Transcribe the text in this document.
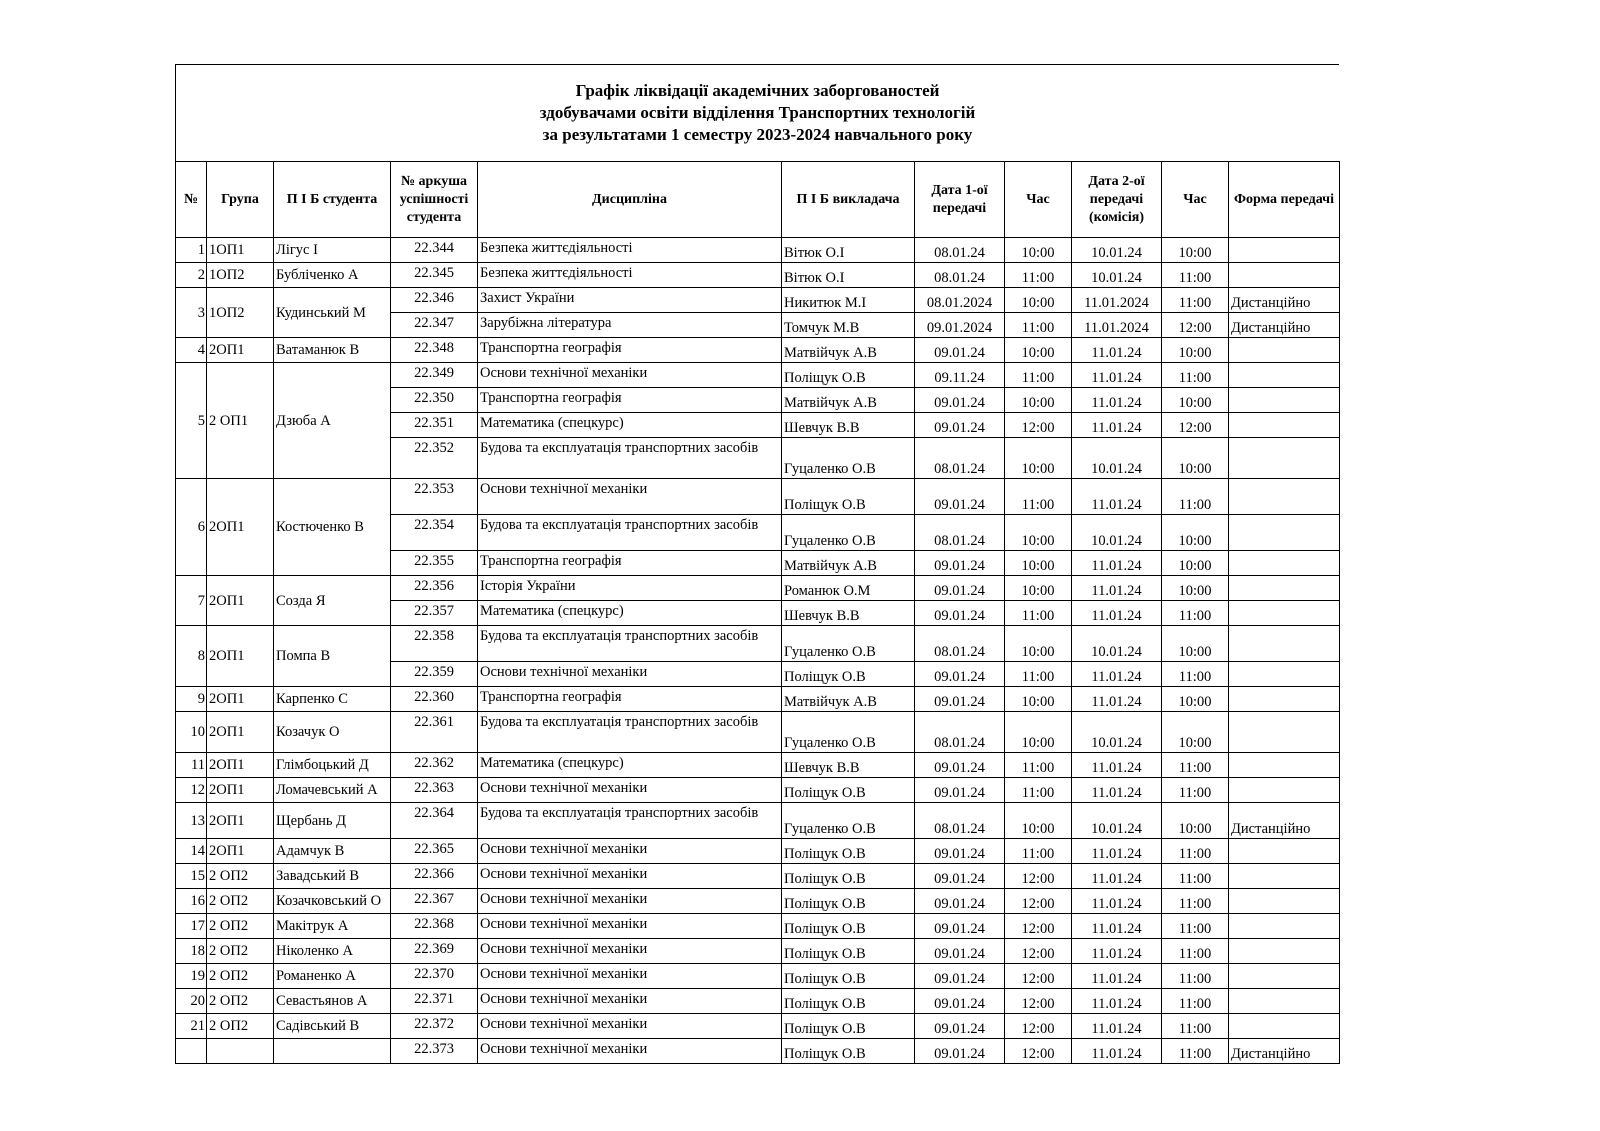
Графік ліквідації академічних заборгованостей
здобувачами освіти відділення Транспортних технологій
за результатами 1 семестру 2023-2024 навчального року
№	Група	П І Б студента	№ аркуша успішності студента	Дисципліна	П І Б викладача	Дата 1-ої передачі	Час	Дата 2-ої передачі (комісія)	Час	Форма передачі
1	1ОП1	Лігус І	22.344	Безпека життєдіяльності	Вітюк О.І	08.01.24	10:00	10.01.24	10:00	
2	1ОП2	Бублiченко А	22.345	Безпека життєдіяльності	Вітюк О.І	08.01.24	11:00	10.01.24	11:00	
3	1ОП2	Кудинський М	22.346	Захист України	Никитюк М.І	08.01.2024	10:00	11.01.2024	11:00	Дистанційно
			22.347	Зарубіжна література	Томчук М.В	09.01.2024	11:00	11.01.2024	12:00	Дистанційно
4	2ОП1	Ватаманюк В	22.348	Транспортна географія	Матвійчук А.В	09.01.24	10:00	11.01.24	10:00	
5	2 ОП1	Дзюба А	22.349	Основи технічної механіки	Поліщук О.В	09.11.24	11:00	11.01.24	11:00	
			22.350	Транспортна географія	Матвійчук А.В	09.01.24	10:00	11.01.24	10:00	
			22.351	Математика (спецкурс)	Шевчук В.В	09.01.24	12:00	11.01.24	12:00	
			22.352	Будова та експлуатація транспортних засобів	Гуцаленко О.В	08.01.24	10:00	10.01.24	10:00	
6	2ОП1	Костюченко В	22.353	Основи технічної механіки	Поліщук О.В	09.01.24	11:00	11.01.24	11:00	
			22.354	Будова та експлуатація транспортних засобів	Гуцаленко О.В	08.01.24	10:00	10.01.24	10:00	
			22.355	Транспортна географія	Матвійчук А.В	09.01.24	10:00	11.01.24	10:00	
7	2ОП1	Созда Я	22.356	Історія України	Романюк О.М	09.01.24	10:00	11.01.24	10:00	
			22.357	Математика (спецкурс)	Шевчук В.В	09.01.24	11:00	11.01.24	11:00	
8	2ОП1	Помпа В	22.358	Будова та експлуатація транспортних засобів	Гуцаленко О.В	08.01.24	10:00	10.01.24	10:00	
			22.359	Основи технічної механіки	Поліщук О.В	09.01.24	11:00	11.01.24	11:00	
9	2ОП1	Карпенко С	22.360	Транспортна географія	Матвійчук А.В	09.01.24	10:00	11.01.24	10:00	
10	2ОП1	Козачук О	22.361	Будова та експлуатація транспортних засобів	Гуцаленко О.В	08.01.24	10:00	10.01.24	10:00	
11	2ОП1	Глімбоцький Д	22.362	Математика (спецкурс)	Шевчук В.В	09.01.24	11:00	11.01.24	11:00	
12	2ОП1	Ломачевський А	22.363	Основи технічної механіки	Поліщук О.В	09.01.24	11:00	11.01.24	11:00	
13	2ОП1	Щербань Д	22.364	Будова та експлуатація транспортних засобів	Гуцаленко О.В	08.01.24	10:00	10.01.24	10:00	Дистанційно
14	2ОП1	Адамчук В	22.365	Основи технічної механіки	Поліщук О.В	09.01.24	11:00	11.01.24	11:00	
15	2 ОП2	Завадський В	22.366	Основи технічної механіки	Поліщук О.В	09.01.24	12:00	11.01.24	11:00	
16	2 ОП2	Козачковський О	22.367	Основи технічної механіки	Поліщук О.В	09.01.24	12:00	11.01.24	11:00	
17	2 ОП2	Макітрук А	22.368	Основи технічної механіки	Поліщук О.В	09.01.24	12:00	11.01.24	11:00	
18	2 ОП2	Ніколенко А	22.369	Основи технічної механіки	Поліщук О.В	09.01.24	12:00	11.01.24	11:00	
19	2 ОП2	Романенко А	22.370	Основи технічної механіки	Поліщук О.В	09.01.24	12:00	11.01.24	11:00	
20	2 ОП2	Севастьянов А	22.371	Основи технічної механіки	Поліщук О.В	09.01.24	12:00	11.01.24	11:00	
21	2 ОП2	Садівський В	22.372	Основи технічної механіки	Поліщук О.В	09.01.24	12:00	11.01.24	11:00	
			22.373	Основи технічної механіки	Поліщук О.В	09.01.24	12:00	11.01.24	11:00	Дистанційно
